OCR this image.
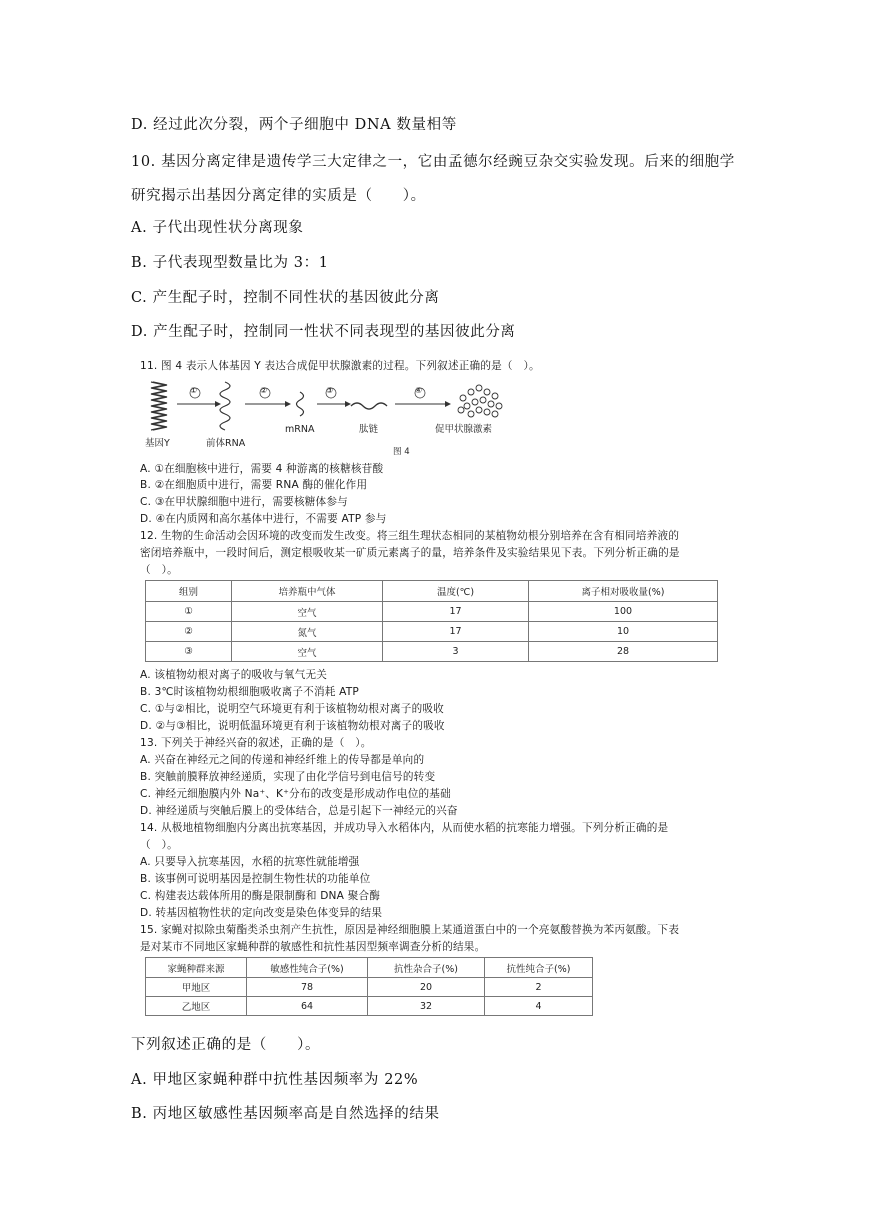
D. 经过此次分裂，两个子细胞中 DNA 数量相等
10. 基因分离定律是遗传学三大定律之一，它由孟德尔经豌豆杂交实验发现。后来的细胞学
研究揭示出基因分离定律的实质是（　　）。
A. 子代出现性状分离现象
B. 子代表现型数量比为 3：1
C. 产生配子时，控制不同性状的基因彼此分离
D. 产生配子时，控制同一性状不同表现型的基因彼此分离
11. 图 4 表示人体基因 Y 表达合成促甲状腺激素的过程。下列叙述正确的是（　）。
①	②	③	④
基因Y	前体RNA
mRNA	肽链	促甲状腺激素
图 4
A. ①在细胞核中进行，需要 4 种游离的核糖核苷酸
B. ②在细胞质中进行，需要 RNA 酶的催化作用
C. ③在甲状腺细胞中进行，需要核糖体参与
D. ④在内质网和高尔基体中进行，不需要 ATP 参与
12. 生物的生命活动会因环境的改变而发生改变。将三组生理状态相同的某植物幼根分别培养在含有相同培养液的
密闭培养瓶中，一段时间后，测定根吸收某一矿质元素离子的量，培养条件及实验结果见下表。下列分析正确的是
（　）。
组别	培养瓶中气体	温度(℃)	离子相对吸收量(%)
①	空气	17	100
②	氮气	17	10
③	空气	3	28
A. 该植物幼根对离子的吸收与氧气无关
B. 3℃时该植物幼根细胞吸收离子不消耗 ATP
C. ①与②相比，说明空气环境更有利于该植物幼根对离子的吸收
D. ②与③相比，说明低温环境更有利于该植物幼根对离子的吸收
13. 下列关于神经兴奋的叙述，正确的是（　）。
A. 兴奋在神经元之间的传递和神经纤维上的传导都是单向的
B. 突触前膜释放神经递质，实现了由化学信号到电信号的转变
C. 神经元细胞膜内外 Na⁺、K⁺分布的改变是形成动作电位的基础
D. 神经递质与突触后膜上的受体结合，总是引起下一神经元的兴奋
14. 从极地植物细胞内分离出抗寒基因，并成功导入水稻体内，从而使水稻的抗寒能力增强。下列分析正确的是
（　）。
A. 只要导入抗寒基因，水稻的抗寒性就能增强
B. 该事例可说明基因是控制生物性状的功能单位
C. 构建表达载体所用的酶是限制酶和 DNA 聚合酶
D. 转基因植物性状的定向改变是染色体变异的结果
15. 家蝇对拟除虫菊酯类杀虫剂产生抗性，原因是神经细胞膜上某通道蛋白中的一个亮氨酸替换为苯丙氨酸。下表
是对某市不同地区家蝇种群的敏感性和抗性基因型频率调查分析的结果。
家蝇种群来源	敏感性纯合子(%)	抗性杂合子(%)	抗性纯合子(%)
甲地区	78	20	2
乙地区	64	32	4
下列叙述正确的是（　　）。
A. 甲地区家蝇种群中抗性基因频率为 22%
B. 丙地区敏感性基因频率高是自然选择的结果
